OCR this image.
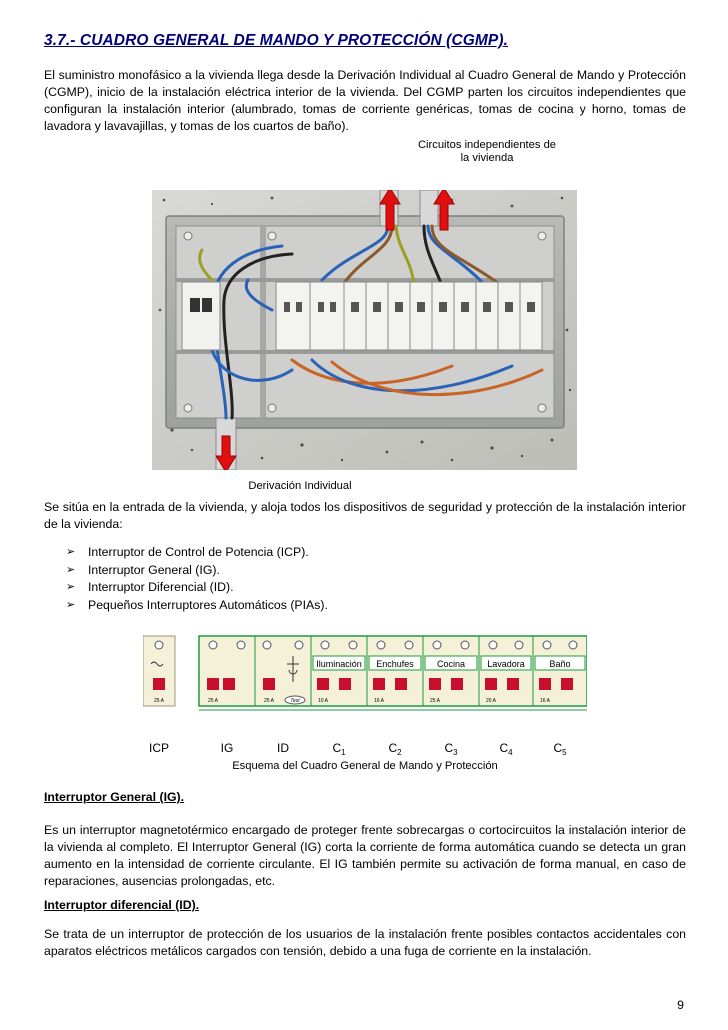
3.7.- CUADRO GENERAL DE MANDO Y PROTECCIÓN (CGMP).
El suministro monofásico a la vivienda llega desde la Derivación Individual al Cuadro General de Mando y Protección (CGMP), inicio de la instalación eléctrica interior de la vivienda. Del CGMP parten los circuitos independientes que configuran la instalación interior (alumbrado, tomas de corriente genéricas, tomas de cocina y horno, tomas de lavadora y lavavajillas, y tomas de los cuartos de baño).
Circuitos independientes de
la vivienda
Derivación Individual
Se sitúa en la entrada de la vivienda, y aloja todos los dispositivos de seguridad y protección de la instalación interior de la vivienda:
➢ Interruptor de Control de Potencia (ICP).
➢ Interruptor General (IG).
➢ Interruptor Diferencial (ID).
➢ Pequeños Interruptores Automáticos (PIAs).
Iluminación Enchufes	Cocina Lavadora	Baño
25 A	25 A	25 A	10 A	16 A	25 A	20 A	16 A
Test
ICP	IG	ID	$C_1$	$C_2$	$C_3$	$C_4$	$C_5$
Esquema del Cuadro General de Mando y Protección
Interruptor General (IG).
Es un interruptor magnetotérmico encargado de proteger frente sobrecargas o cortocircuitos la instalación interior de la vivienda al completo. El Interruptor General (IG) corta la corriente de forma automática cuando se detecta un gran aumento en la intensidad de corriente circulante. El IG también permite su activación de forma manual, en caso de reparaciones, ausencias prolongadas, etc.
Interruptor diferencial (ID).
Se trata de un interruptor de protección de los usuarios de la instalación frente posibles contactos accidentales con aparatos eléctricos metálicos cargados con tensión, debido a una fuga de corriente en la instalación.
9
